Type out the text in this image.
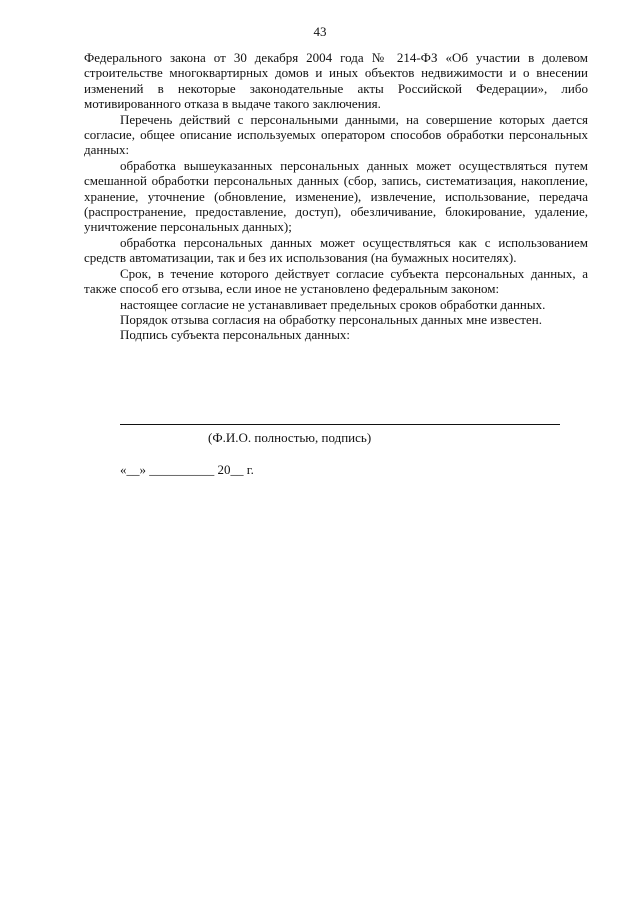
43

Федерального закона от 30 декабря 2004 года № 214-ФЗ «Об участии в долевом строительстве многоквартирных домов и иных объектов недвижимости и о внесении изменений в некоторые законодательные акты Российской Федерации», либо мотивированного отказа в выдаче такого заключения.

Перечень действий с персональными данными, на совершение которых дается согласие, общее описание используемых оператором способов обработки персональных данных:

обработка вышеуказанных персональных данных может осуществляться путем смешанной обработки персональных данных (сбор, запись, систематизация, накопление, хранение, уточнение (обновление, изменение), извлечение, использование, передача (распространение, предоставление, доступ), обезличивание, блокирование, удаление, уничтожение персональных данных);

обработка персональных данных может осуществляться как с использованием средств автоматизации, так и без их использования (на бумажных носителях).

Срок, в течение которого действует согласие субъекта персональных данных, а также способ его отзыва, если иное не установлено федеральным законом:

настоящее согласие не устанавливает предельных сроков обработки данных.

Порядок отзыва согласия на обработку персональных данных мне известен.

Подпись субъекта персональных данных:

(Ф.И.О. полностью, подпись)
«__» __________ 20__ г.
